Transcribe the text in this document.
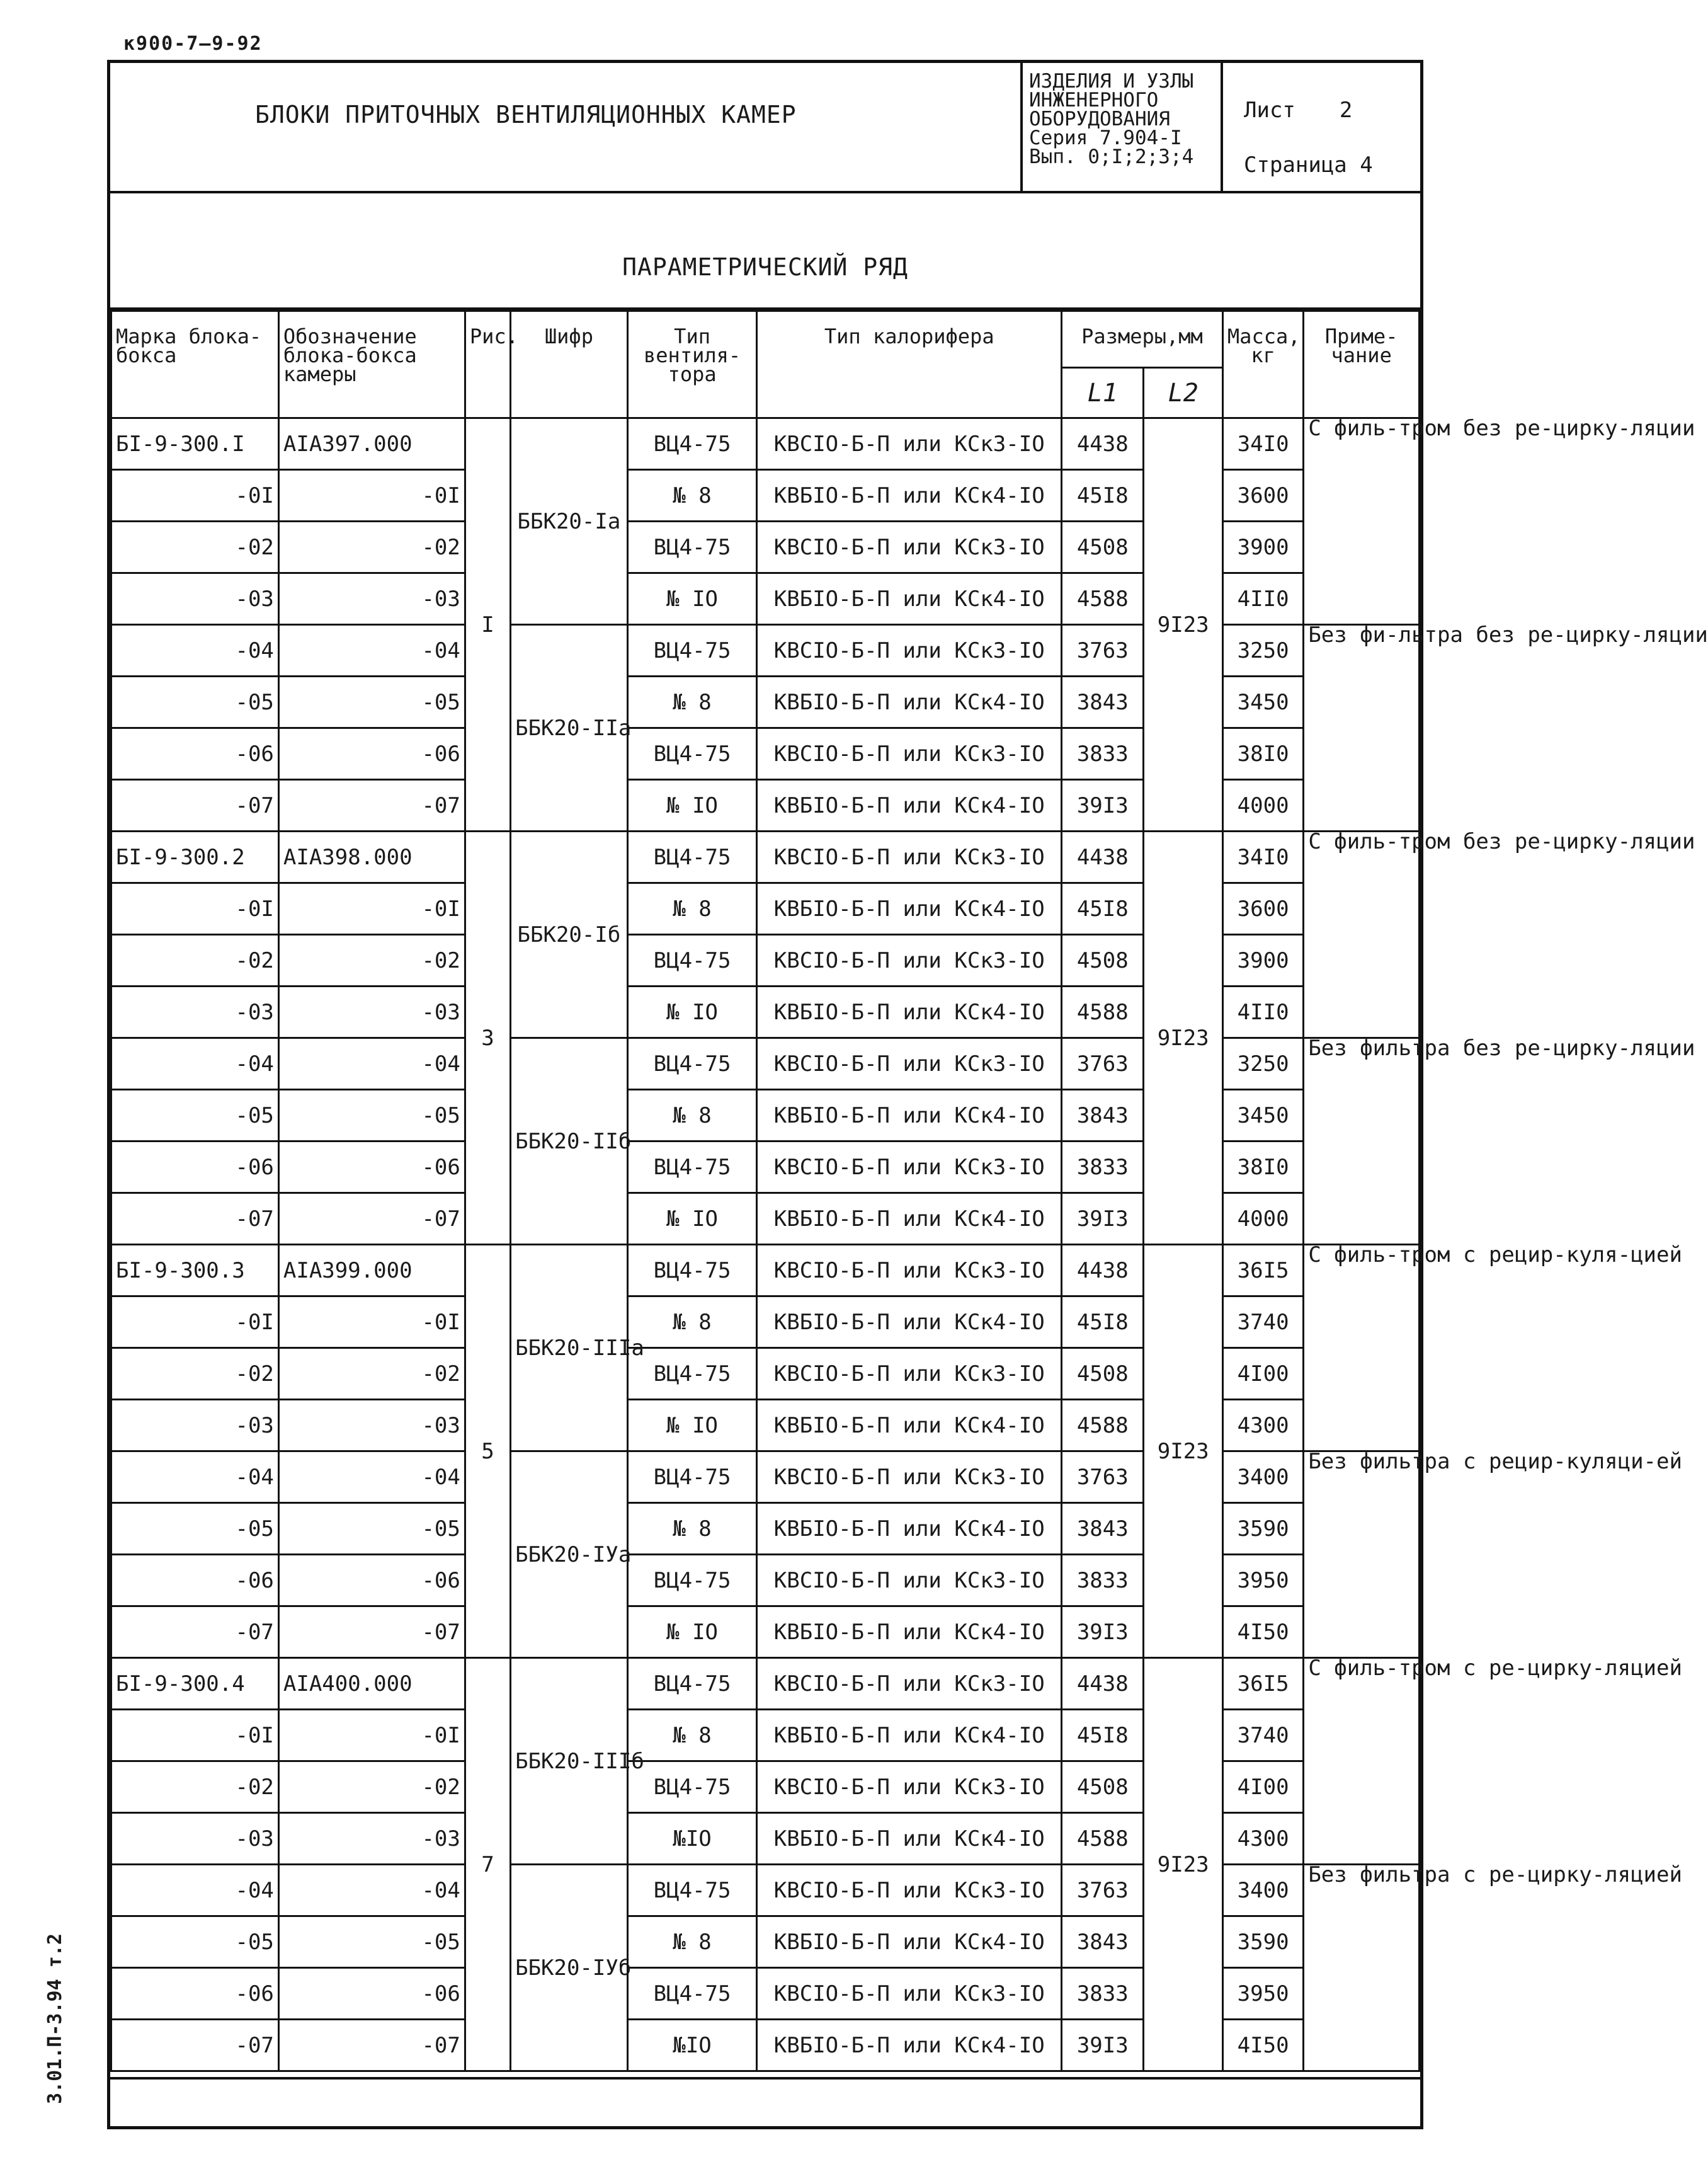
к900-7—9-92
3.01.П-3.94 т.2
БЛОКИ ПРИТОЧНЫХ ВЕНТИЛЯЦИОННЫХ КАМЕР
ИЗДЕЛИЯ И УЗЛЫ
ИНЖЕНЕРНОГО
ОБОРУДОВАНИЯ
Серия 7.904-I
Вып. 0;I;2;3;4
Лист 2
Страница 4
ПАРАМЕТРИЧЕСКИЙ РЯД
Марка блока-бокса	Обозначение блока-бокса камеры	Рис.	Шифр	Тип вентиля-тора	Тип калорифера	Размеры,мм		Масса, кг	Приме-чание
						L1	L2		
БI-9-300.I	АIА397.000	I	ББК20-Iа	ВЦ4-75	КВСIО-Б-П или КСк3-IО	4438	9I23	34I0	С филь-тром без ре-цирку-ляции
-0I	-0I			№ 8	КВБIО-Б-П или КСк4-IО	45I8		3600	
-02	-02			ВЦ4-75	КВСIО-Б-П или КСк3-IО	4508		3900	
-03	-03			№ IО	КВБIО-Б-П или КСк4-IО	4588		4II0	
-04	-04		ББК20-IIа	ВЦ4-75	КВСIО-Б-П или КСк3-IО	3763		3250	Без фи-льтра без ре-цирку-ляции
-05	-05			№ 8	КВБIО-Б-П или КСк4-IО	3843		3450	
-06	-06			ВЦ4-75	КВСIО-Б-П или КСк3-IО	3833		38I0	
-07	-07			№ IО	КВБIО-Б-П или КСк4-IО	39I3		4000	
БI-9-300.2	АIА398.000	3	ББК20-Iб	ВЦ4-75	КВСIО-Б-П или КСк3-IО	4438	9I23	34I0	С филь-тром без ре-цирку-ляции
-0I	-0I			№ 8	КВБIО-Б-П или КСк4-IО	45I8		3600	
-02	-02			ВЦ4-75	КВСIО-Б-П или КСк3-IО	4508		3900	
-03	-03			№ IО	КВБIО-Б-П или КСк4-IО	4588		4II0	
-04	-04		ББК20-IIб	ВЦ4-75	КВСIО-Б-П или КСк3-IО	3763		3250	Без фильтра без ре-цирку-ляции
-05	-05			№ 8	КВБIО-Б-П или КСк4-IО	3843		3450	
-06	-06			ВЦ4-75	КВСIО-Б-П или КСк3-IО	3833		38I0	
-07	-07			№ IО	КВБIО-Б-П или КСк4-IО	39I3		4000	
БI-9-300.3	АIА399.000	5	ББК20-IIIа	ВЦ4-75	КВСIО-Б-П или КСк3-IО	4438	9I23	36I5	С филь-тром с рецир-куля-цией
-0I	-0I			№ 8	КВБIО-Б-П или КСк4-IО	45I8		3740	
-02	-02			ВЦ4-75	КВСIО-Б-П или КСк3-IО	4508		4I00	
-03	-03			№ IО	КВБIО-Б-П или КСк4-IО	4588		4300	
-04	-04		ББК20-IУа	ВЦ4-75	КВСIО-Б-П или КСк3-IО	3763		3400	Без фильтра с рецир-куляци-ей
-05	-05			№ 8	КВБIО-Б-П или КСк4-IО	3843		3590	
-06	-06			ВЦ4-75	КВСIО-Б-П или КСк3-IО	3833		3950	
-07	-07			№ IО	КВБIО-Б-П или КСк4-IО	39I3		4I50	
БI-9-300.4	АIА400.000	7	ББК20-IIIб	ВЦ4-75	КВСIО-Б-П или КСк3-IО	4438	9I23	36I5	С филь-тром с ре-цирку-ляцией
-0I	-0I			№ 8	КВБIО-Б-П или КСк4-IО	45I8		3740	
-02	-02			ВЦ4-75	КВСIО-Б-П или КСк3-IО	4508		4I00	
-03	-03			№IО	КВБIО-Б-П или КСк4-IО	4588		4300	
-04	-04		ББК20-IУб	ВЦ4-75	КВСIО-Б-П или КСк3-IО	3763		3400	Без фильтра с ре-цирку-ляцией
-05	-05			№ 8	КВБIО-Б-П или КСк4-IО	3843		3590	
-06	-06			ВЦ4-75	КВСIО-Б-П или КСк3-IО	3833		3950	
-07	-07			№IО	КВБIО-Б-П или КСк4-IО	39I3		4I50	
